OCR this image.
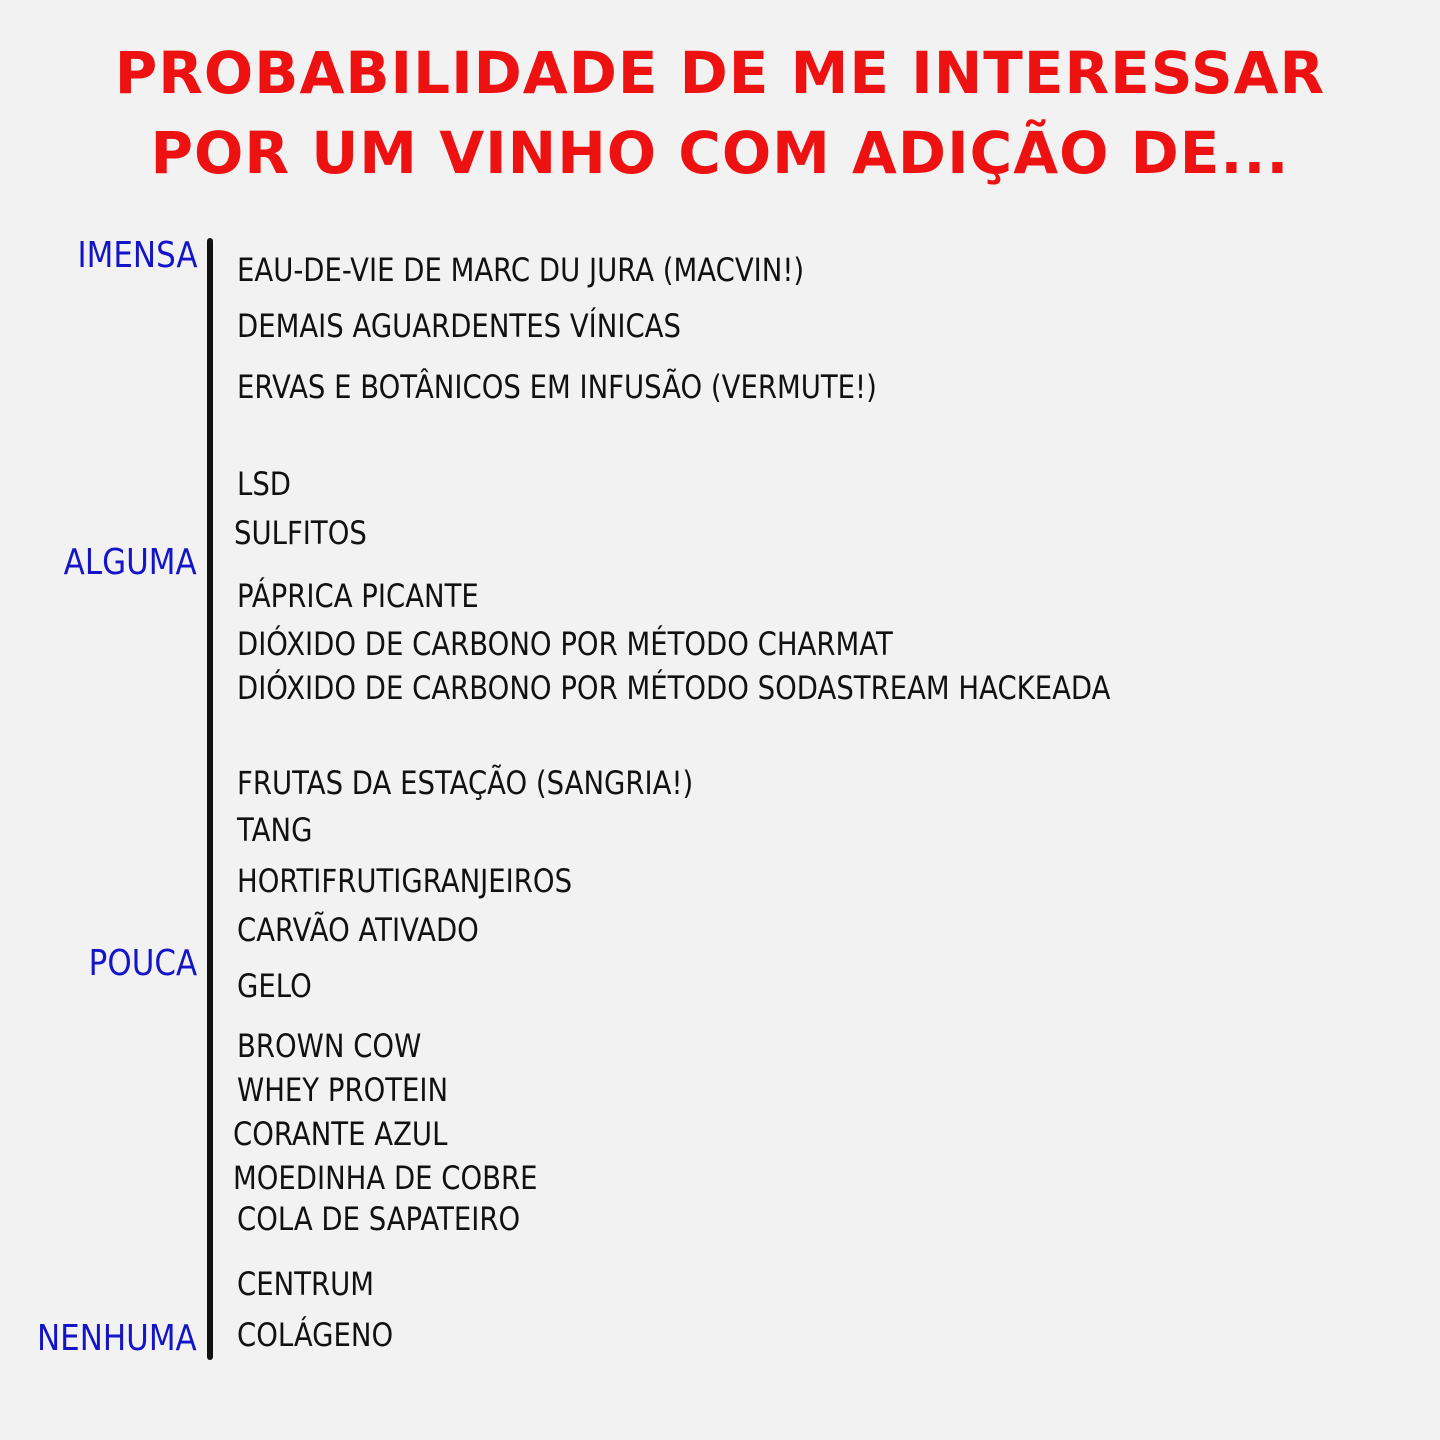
PROBABILIDADE DE ME INTERESSAR
POR UM VINHO COM ADIÇÃO DE...
IMENSA
ALGUMA
POUCA
NENHUMA
EAU-DE-VIE DE MARC DU JURA (MACVIN!)
DEMAIS AGUARDENTES VÍNICAS
ERVAS E BOTÂNICOS EM INFUSÃO (VERMUTE!)
LSD
SULFITOS
PÁPRICA PICANTE
DIÓXIDO DE CARBONO POR MÉTODO CHARMAT
DIÓXIDO DE CARBONO POR MÉTODO SODASTREAM HACKEADA
FRUTAS DA ESTAÇÃO (SANGRIA!)
TANG
HORTIFRUTIGRANJEIROS
CARVÃO ATIVADO
GELO
BROWN COW
WHEY PROTEIN
CORANTE AZUL
MOEDINHA DE COBRE
COLA DE SAPATEIRO
CENTRUM
COLÁGENO
